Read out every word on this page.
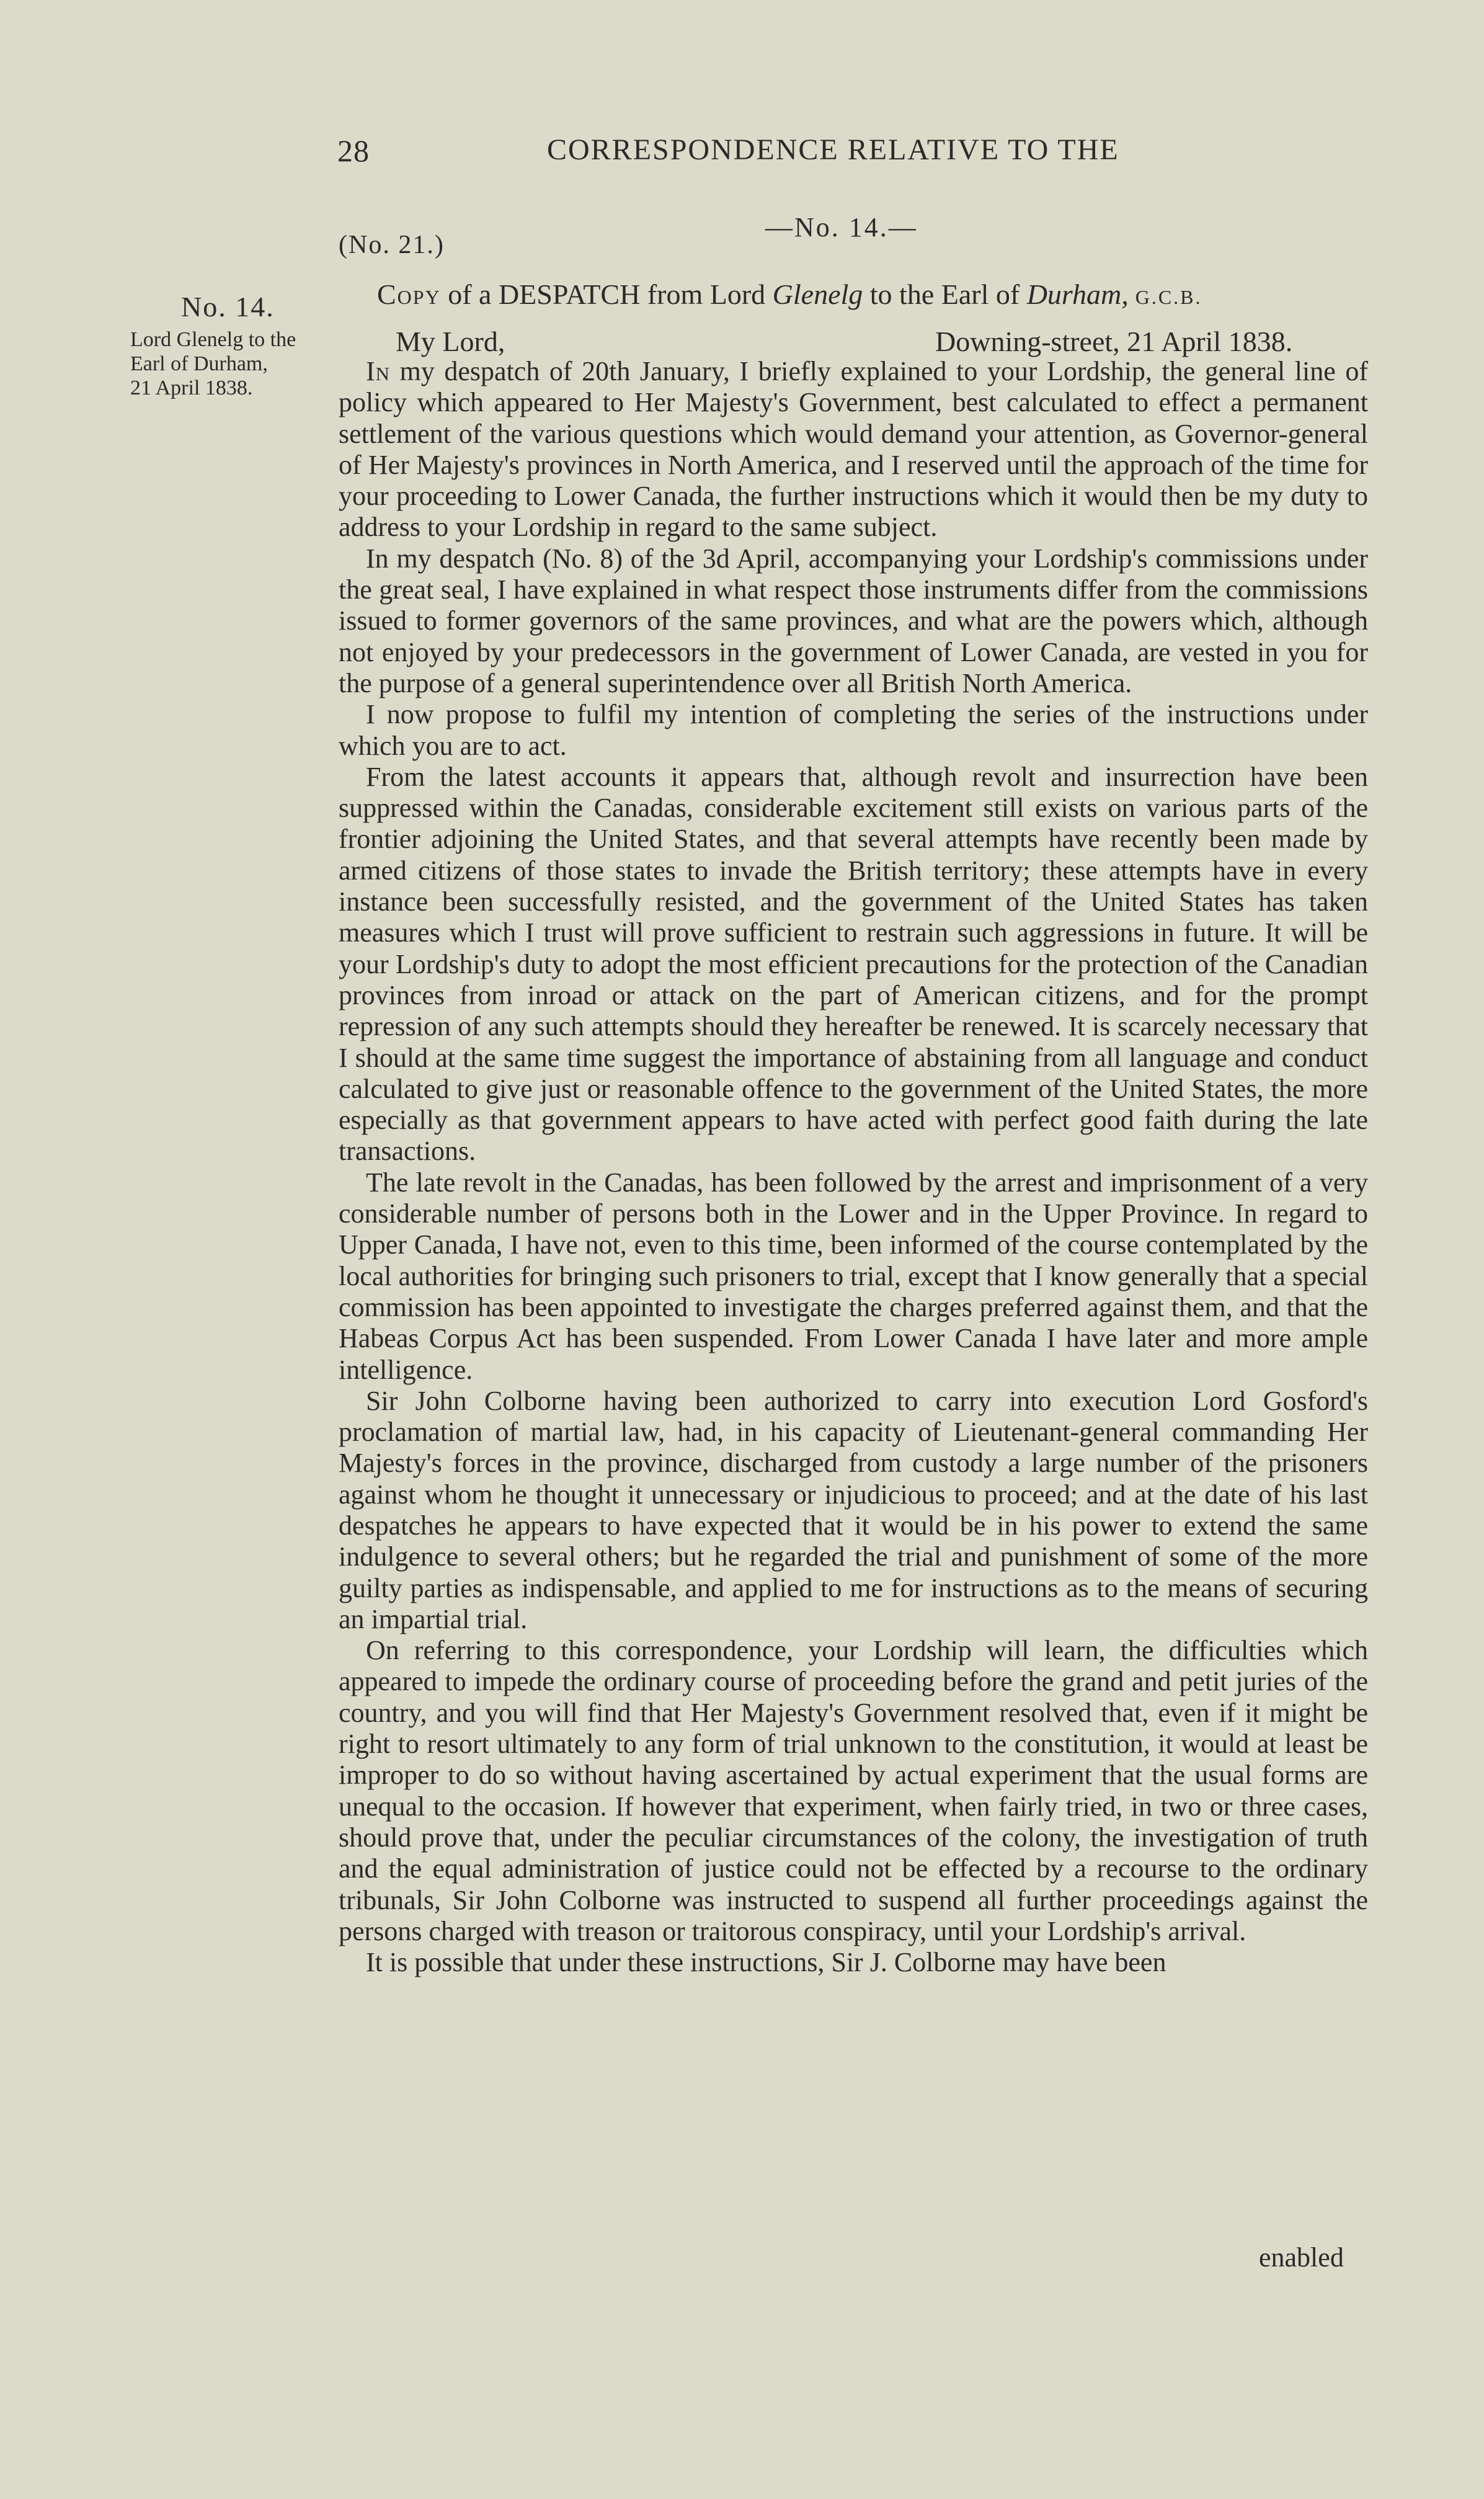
28	CORRESPONDENCE RELATIVE TO THE
(No. 21.)
—No. 14.—
No. 14.
Lord Glenelg to the
Earl of Durham,
21 April 1838.
Copy of a DESPATCH from Lord Glenelg to the Earl of Durham, G.C.B.
My Lord,	Downing-street, 21 April 1838.

In my despatch of 20th January, I briefly explained to your Lordship, the general line of policy which appeared to Her Majesty's Government, best calculated to effect a permanent settlement of the various questions which would demand your attention, as Governor-general of Her Majesty's provinces in North America, and I reserved until the approach of the time for your proceeding to Lower Canada, the further instructions which it would then be my duty to address to your Lordship in regard to the same subject.

In my despatch (No. 8) of the 3d April, accompanying your Lordship's commissions under the great seal, I have explained in what respect those instruments differ from the commissions issued to former governors of the same provinces, and what are the powers which, although not enjoyed by your predecessors in the government of Lower Canada, are vested in you for the purpose of a general superintendence over all British North America.

I now propose to fulfil my intention of completing the series of the instructions under which you are to act.

From the latest accounts it appears that, although revolt and insurrection have been suppressed within the Canadas, considerable excitement still exists on various parts of the frontier adjoining the United States, and that several attempts have recently been made by armed citizens of those states to invade the British territory; these attempts have in every instance been successfully resisted, and the government of the United States has taken measures which I trust will prove sufficient to restrain such aggressions in future. It will be your Lordship's duty to adopt the most efficient precautions for the protection of the Canadian provinces from inroad or attack on the part of American citizens, and for the prompt repression of any such attempts should they hereafter be renewed. It is scarcely necessary that I should at the same time suggest the importance of abstaining from all language and conduct calculated to give just or reasonable offence to the government of the United States, the more especially as that government appears to have acted with perfect good faith during the late transactions.

The late revolt in the Canadas, has been followed by the arrest and imprisonment of a very considerable number of persons both in the Lower and in the Upper Province. In regard to Upper Canada, I have not, even to this time, been informed of the course contemplated by the local authorities for bringing such prisoners to trial, except that I know generally that a special commission has been appointed to investigate the charges preferred against them, and that the Habeas Corpus Act has been suspended. From Lower Canada I have later and more ample intelligence.

Sir John Colborne having been authorized to carry into execution Lord Gosford's proclamation of martial law, had, in his capacity of Lieutenant-general commanding Her Majesty's forces in the province, discharged from custody a large number of the prisoners against whom he thought it unnecessary or injudicious to proceed; and at the date of his last despatches he appears to have expected that it would be in his power to extend the same indulgence to several others; but he regarded the trial and punishment of some of the more guilty parties as indispensable, and applied to me for instructions as to the means of securing an impartial trial.

On referring to this correspondence, your Lordship will learn, the difficulties which appeared to impede the ordinary course of proceeding before the grand and petit juries of the country, and you will find that Her Majesty's Government resolved that, even if it might be right to resort ultimately to any form of trial unknown to the constitution, it would at least be improper to do so without having ascertained by actual experiment that the usual forms are unequal to the occasion. If however that experiment, when fairly tried, in two or three cases, should prove that, under the peculiar circumstances of the colony, the investigation of truth and the equal administration of justice could not be effected by a recourse to the ordinary tribunals, Sir John Colborne was instructed to suspend all further proceedings against the persons charged with treason or traitorous conspiracy, until your Lordship's arrival.

It is possible that under these instructions, Sir J. Colborne may have been

enabled
